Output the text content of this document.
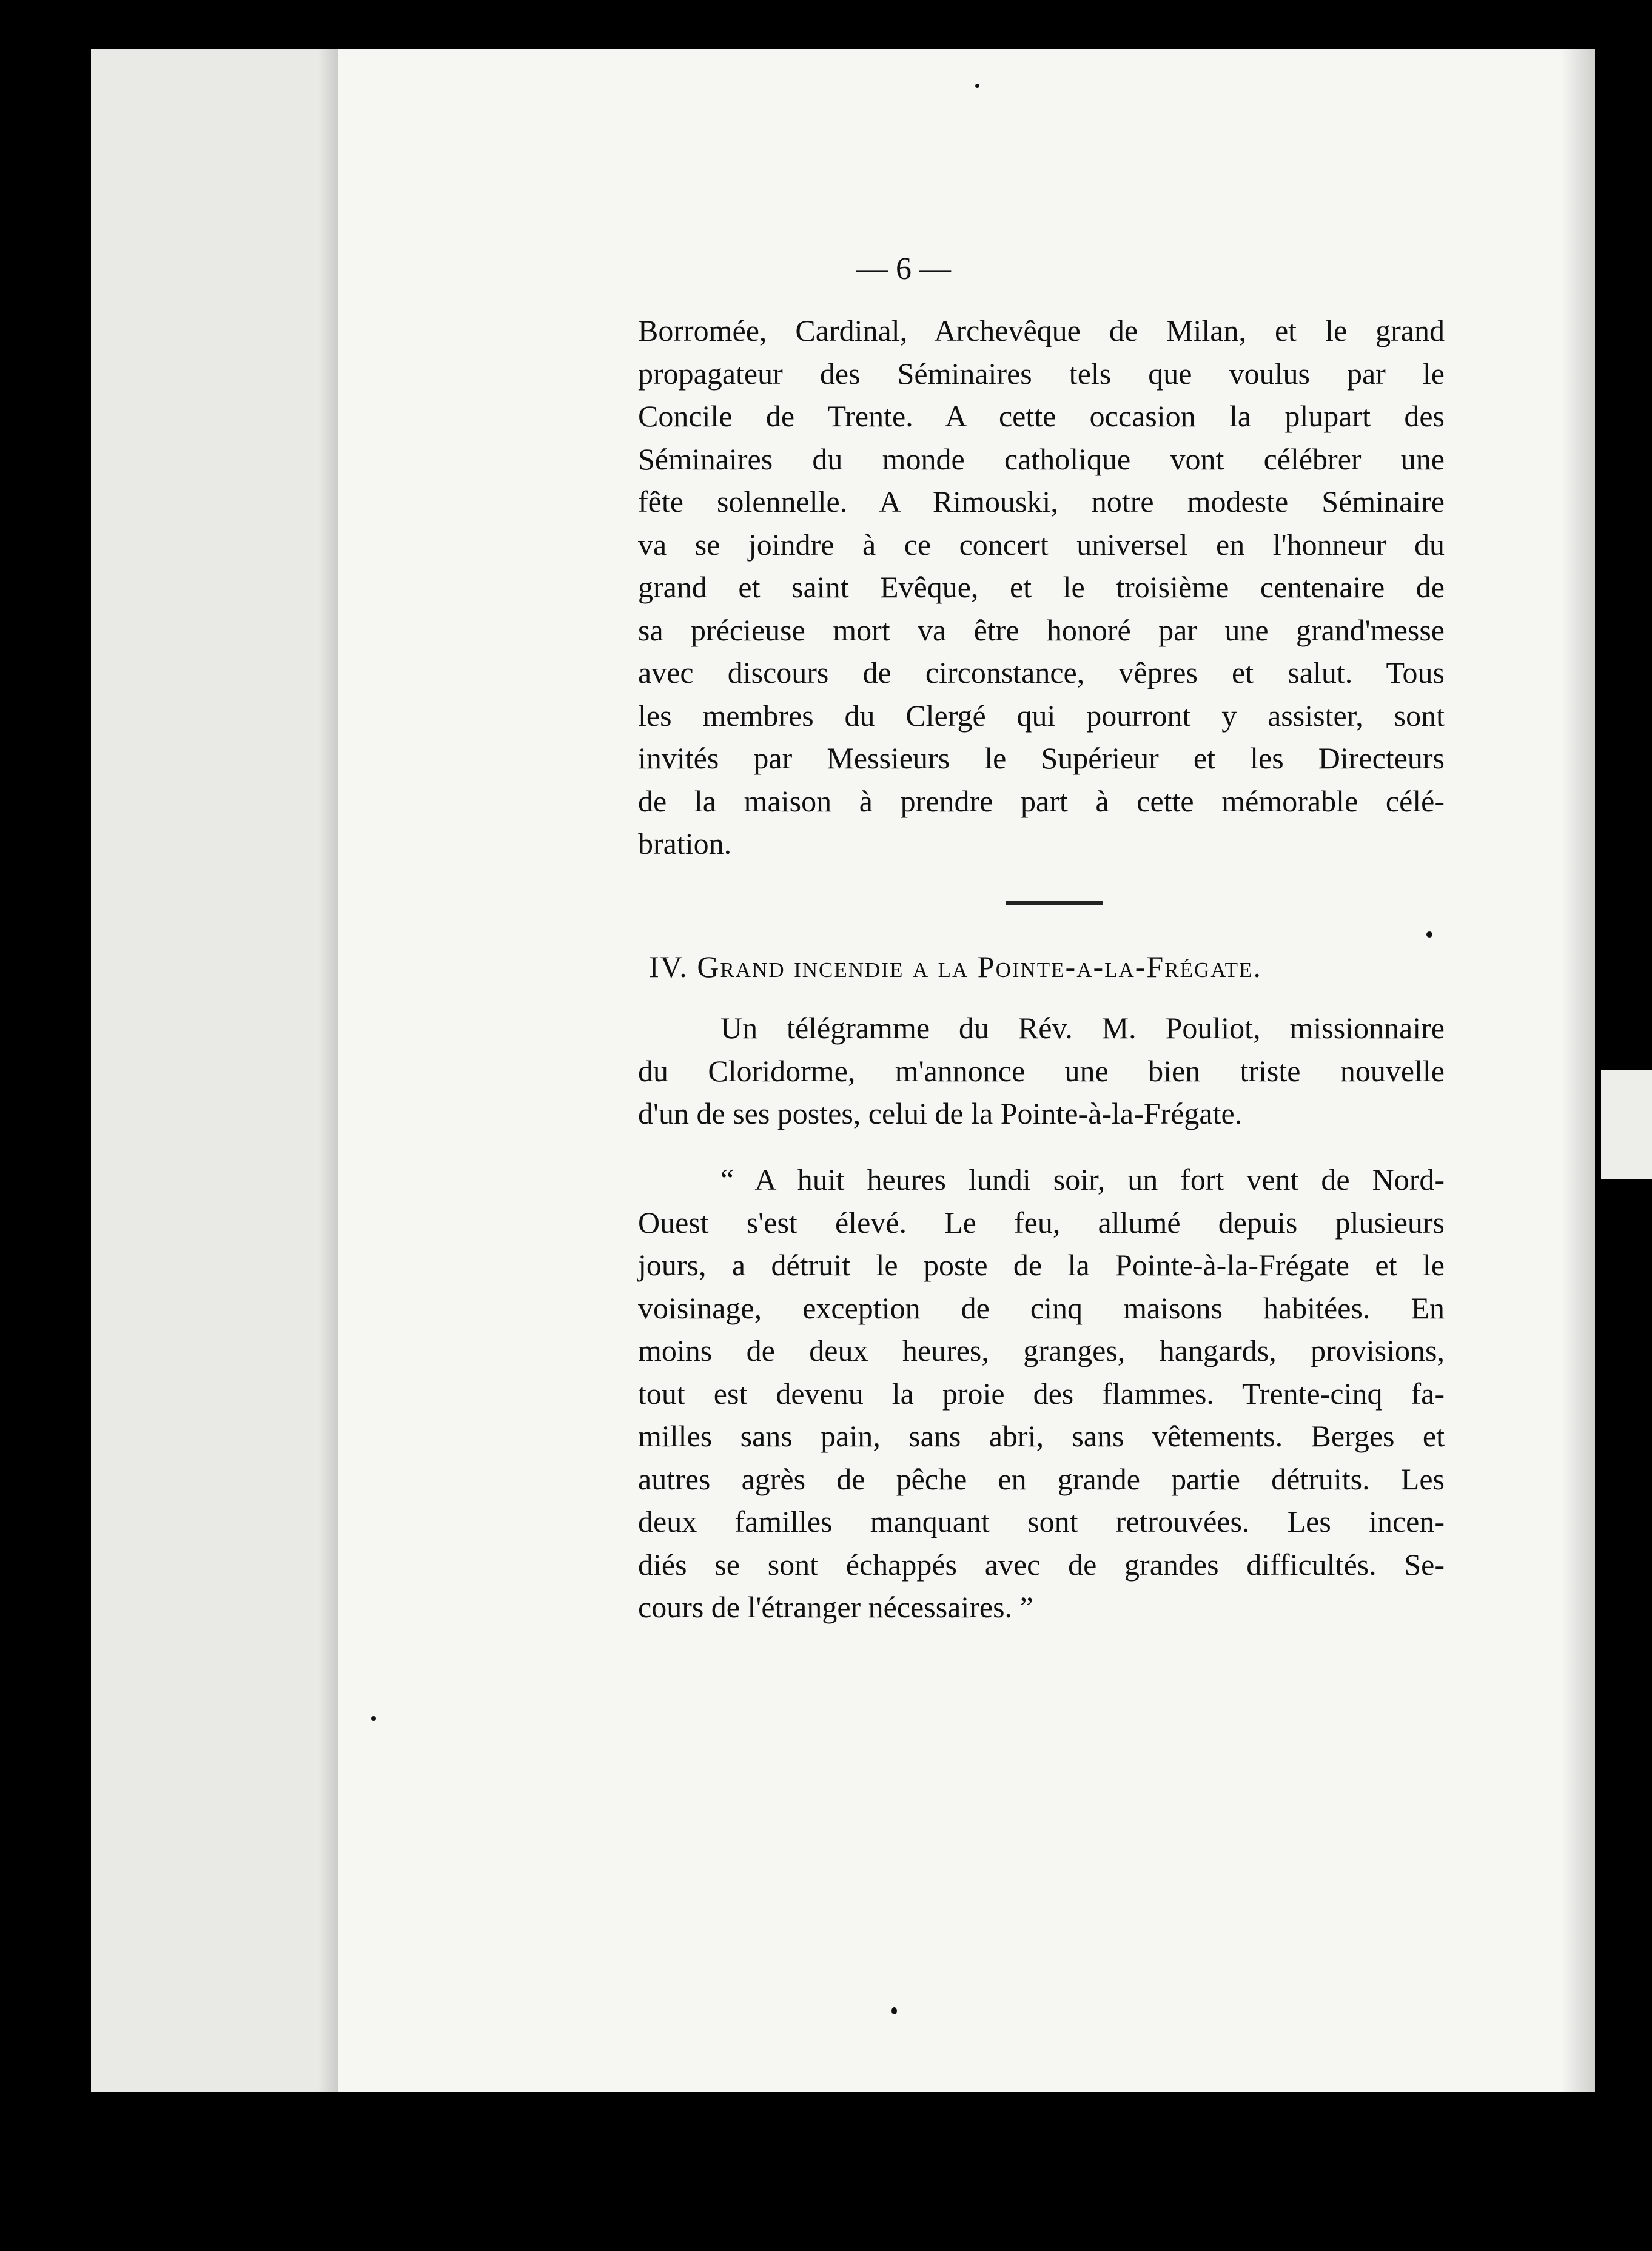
— 6 —
Borromée, Cardinal, Archevêque de Milan, et le grand
propagateur des Séminaires tels que voulus par le
Concile de Trente. A cette occasion la plupart des
Séminaires du monde catholique vont célébrer une
fête solennelle. A Rimouski, notre modeste Séminaire
va se joindre à ce concert universel en l'honneur du
grand et saint Evêque, et le troisième centenaire de
sa précieuse mort va être honoré par une grand'messe
avec discours de circonstance, vêpres et salut. Tous
les membres du Clergé qui pourront y assister, sont
invités par Messieurs le Supérieur et les Directeurs
de la maison à prendre part à cette mémorable célé-
bration.
IV. Grand incendie a la Pointe-a-la-Frégate.
Un télégramme du Rév. M. Pouliot, missionnaire
du Cloridorme, m'annonce une bien triste nouvelle
d'un de ses postes, celui de la Pointe-à-la-Frégate.
“ A huit heures lundi soir, un fort vent de Nord-
Ouest s'est élevé. Le feu, allumé depuis plusieurs
jours, a détruit le poste de la Pointe-à-la-Frégate et le
voisinage, exception de cinq maisons habitées. En
moins de deux heures, granges, hangards, provisions,
tout est devenu la proie des flammes. Trente-cinq fa-
milles sans pain, sans abri, sans vêtements. Berges et
autres agrès de pêche en grande partie détruits. Les
deux familles manquant sont retrouvées. Les incen-
diés se sont échappés avec de grandes difficultés. Se-
cours de l'étranger nécessaires. ”
